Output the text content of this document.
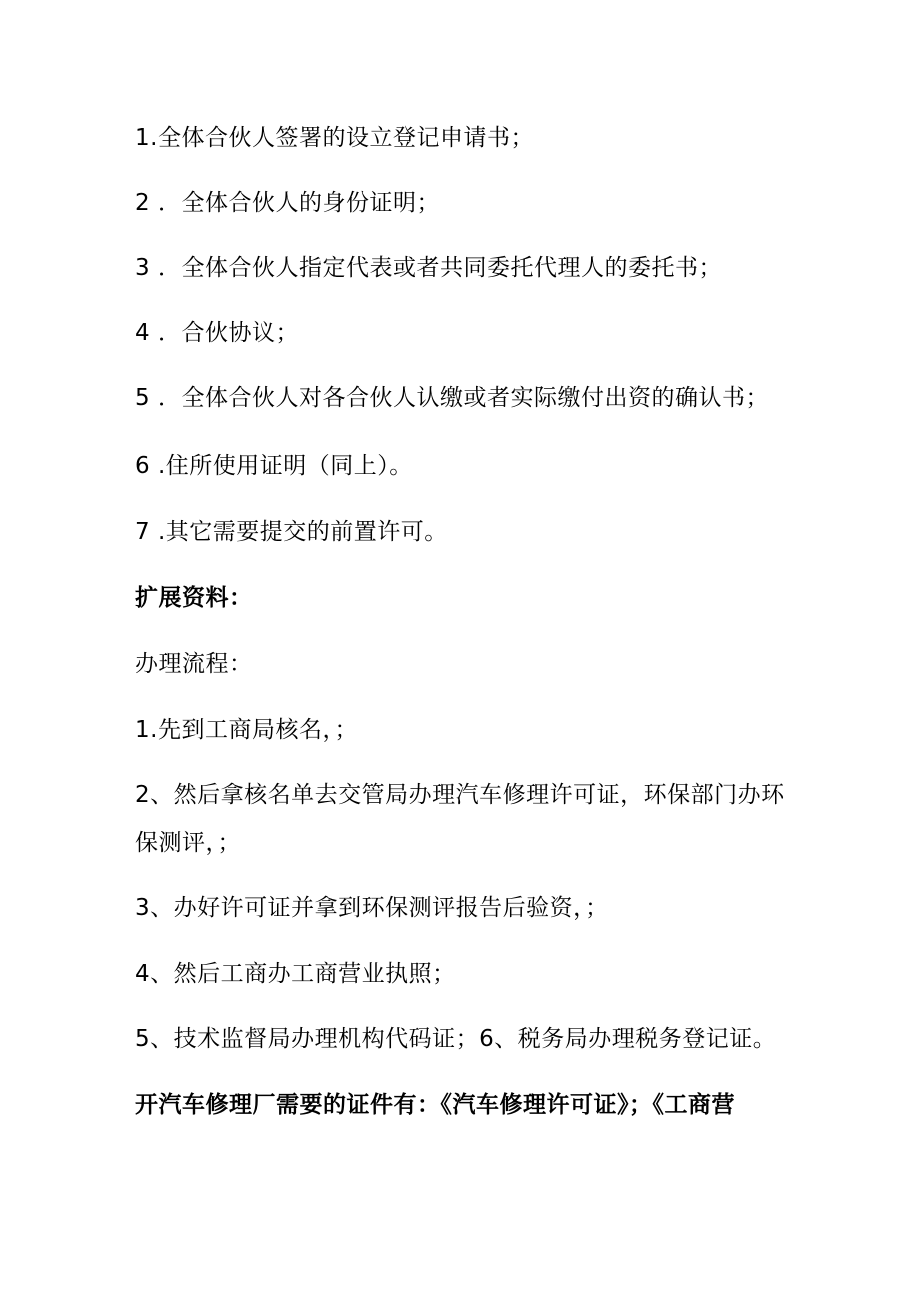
1.全体合伙人签署的设立登记申请书；
2 ．全体合伙人的身份证明；
3 ．全体合伙人指定代表或者共同委托代理人的委托书；
4 ．合伙协议；
5 ．全体合伙人对各合伙人认缴或者实际缴付出资的确认书；
6 .住所使用证明（同上）。
7 .其它需要提交的前置许可。
扩展资料：
办理流程：
1.先到工商局核名，；
2、然后拿核名单去交管局办理汽车修理许可证，环保部门办环
保测评，；
3、办好许可证并拿到环保测评报告后验资，；
4、然后工商办工商营业执照；
5、技术监督局办理机构代码证；6、税务局办理税务登记证。
开汽车修理厂需要的证件有：《汽车修理许可证》；《工商营
